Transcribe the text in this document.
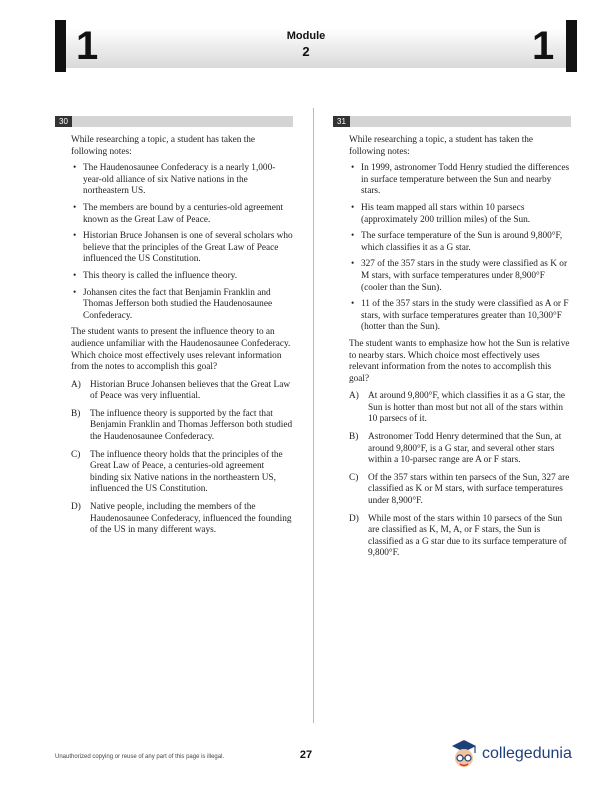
1	Module
2	1
30

While researching a topic, a student has taken the following notes:

• The Haudenosaunee Confederacy is a nearly 1,000-year-old alliance of six Native nations in the northeastern US.
• The members are bound by a centuries-old agreement known as the Great Law of Peace.
• Historian Bruce Johansen is one of several scholars who believe that the principles of the Great Law of Peace influenced the US Constitution.
• This theory is called the influence theory.
• Johansen cites the fact that Benjamin Franklin and Thomas Jefferson both studied the Haudenosaunee Confederacy.

The student wants to present the influence theory to an audience unfamiliar with the Haudenosaunee Confederacy. Which choice most effectively uses relevant information from the notes to accomplish this goal?

A) Historian Bruce Johansen believes that the Great Law of Peace was very influential.
B) The influence theory is supported by the fact that Benjamin Franklin and Thomas Jefferson both studied the Haudenosaunee Confederacy.
C) The influence theory holds that the principles of the Great Law of Peace, a centuries-old agreement binding six Native nations in the northeastern US, influenced the US Constitution.
D) Native people, including the members of the Haudenosaunee Confederacy, influenced the founding of the US in many different ways.
31

While researching a topic, a student has taken the following notes:

• In 1999, astronomer Todd Henry studied the differences in surface temperature between the Sun and nearby stars.
• His team mapped all stars within 10 parsecs (approximately 200 trillion miles) of the Sun.
• The surface temperature of the Sun is around 9,800°F, which classifies it as a G star.
• 327 of the 357 stars in the study were classified as K or M stars, with surface temperatures under 8,900°F (cooler than the Sun).
• 11 of the 357 stars in the study were classified as A or F stars, with surface temperatures greater than 10,300°F (hotter than the Sun).

The student wants to emphasize how hot the Sun is relative to nearby stars. Which choice most effectively uses relevant information from the notes to accomplish this goal?

A) At around 9,800°F, which classifies it as a G star, the Sun is hotter than most but not all of the stars within 10 parsecs of it.
B) Astronomer Todd Henry determined that the Sun, at around 9,800°F, is a G star, and several other stars within a 10-parsec range are A or F stars.
C) Of the 357 stars within ten parsecs of the Sun, 327 are classified as K or M stars, with surface temperatures under 8,900°F.
D) While most of the stars within 10 parsecs of the Sun are classified as K, M, A, or F stars, the Sun is classified as a G star due to its surface temperature of 9,800°F.
Unauthorized copying or reuse of any part of this page is illegal.	27	collegedunia
